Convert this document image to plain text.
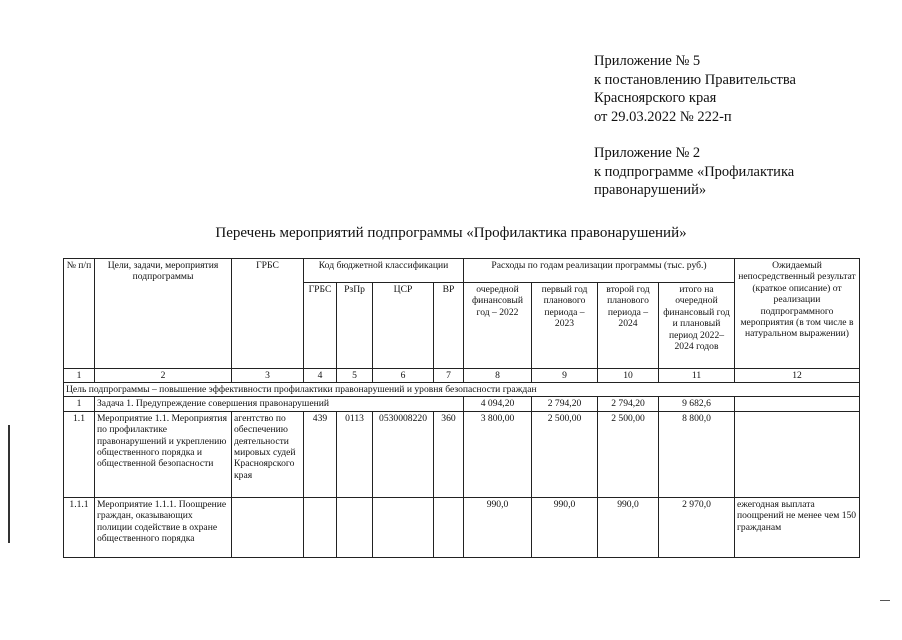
Приложение № 5
к постановлению Правительства
Красноярского края
от 29.03.2022 № 222-п
Приложение № 2
к подпрограмме «Профилактика
правонарушений»
Перечень мероприятий подпрограммы «Профилактика правонарушений»
№ п/п	Цели, задачи, мероприятия подпрограммы	ГРБС	Код бюджетной классификации				Расходы по годам реализации программы (тыс. руб.)				Ожидаемый непосредственный результат (краткое описание) от реализации подпрограммного мероприятия (в том числе в натуральном выражении)
			ГРБС	РзПр	ЦСР	ВР	очередной финансовый год – 2022	первый год планового периода – 2023	второй год планового периода – 2024	итого на очередной финансовый год и плановый период 2022–2024 годов	
1	2	3	4	5	6	7	8	9	10	11	12
Цель подпрограммы – повышение эффективности профилактики правонарушений и уровня безопасности граждан											
1	Задача 1. Предупреждение совершения правонарушений						4 094,20	2 794,20	2 794,20	9 682,6	
1.1	Мероприятие 1.1. Мероприятия по профилактике правонарушений и укреплению общественного порядка и общественной безопасности	агентство по обеспечению деятельности мировых судей Красноярского края	439	0113	0530008220	360	3 800,00	2 500,00	2 500,00	8 800,0	
1.1.1	Мероприятие 1.1.1. Поощрение граждан, оказывающих полиции содействие в охране общественного порядка						990,0	990,0	990,0	2 970,0	ежегодная выплата поощрений не менее чем 150 гражданам
